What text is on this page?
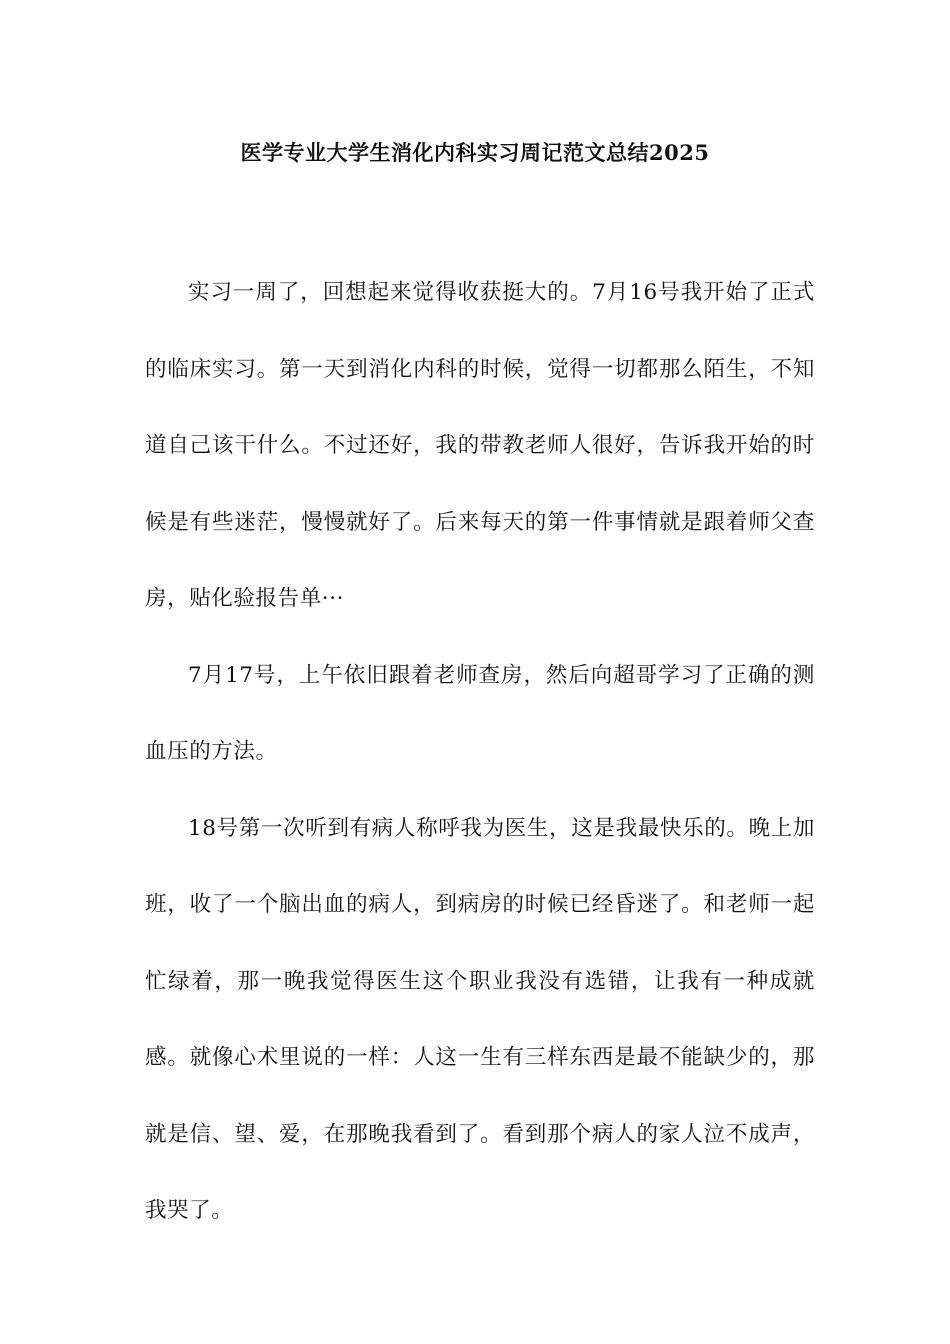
医学专业大学生消化内科实习周记范文总结2025

实习一周了，回想起来觉得收获挺大的。7月16号我开始了正式的临床实习。第一天到消化内科的时候，觉得一切都那么陌生，不知道自己该干什么。不过还好，我的带教老师人很好，告诉我开始的时候是有些迷茫，慢慢就好了。后来每天的第一件事情就是跟着师父查房，贴化验报告单···

7月17号，上午依旧跟着老师查房，然后向超哥学习了正确的测血压的方法。

18号第一次听到有病人称呼我为医生，这是我最快乐的。晚上加班，收了一个脑出血的病人，到病房的时候已经昏迷了。和老师一起忙绿着，那一晚我觉得医生这个职业我没有选错，让我有一种成就感。就像心术里说的一样：人这一生有三样东西是最不能缺少的，那就是信、望、爱，在那晚我看到了。看到那个病人的家人泣不成声，我哭了。
